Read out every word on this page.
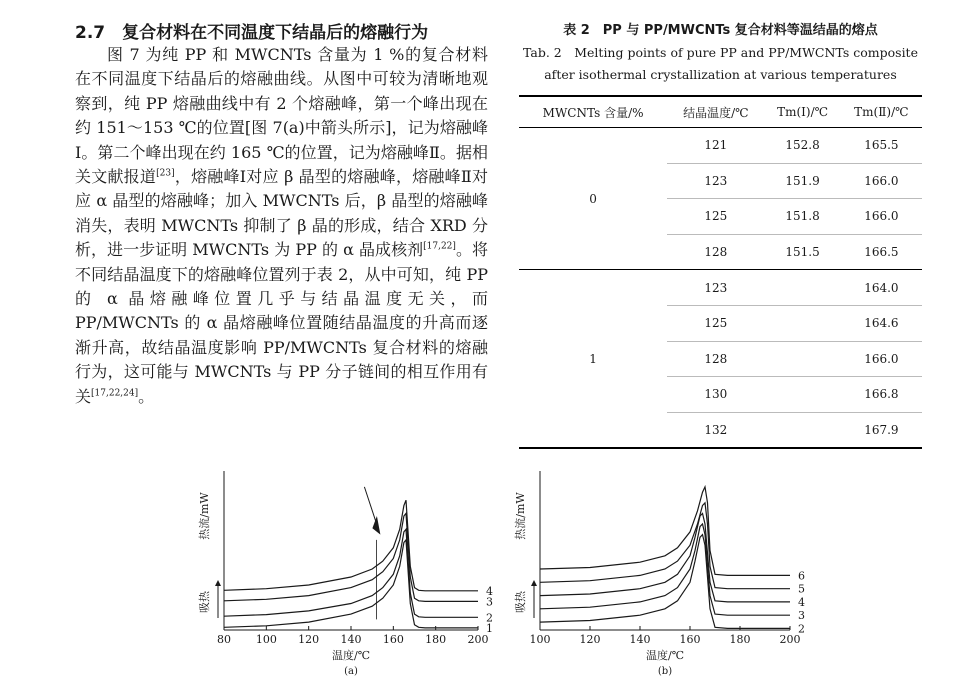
2.7　复合材料在不同温度下结晶后的熔融行为
图 7 为纯 PP 和 MWCNTs 含量为 1 %的复合材料在不同温度下结晶后的熔融曲线。从图中可较为清晰地观察到，纯 PP 熔融曲线中有 2 个熔融峰，第一个峰出现在约 151～153 ℃的位置[图 7(a)中箭头所示]，记为熔融峰Ⅰ。第二个峰出现在约 165 ℃的位置，记为熔融峰Ⅱ。据相关文献报道[23]，熔融峰Ⅰ对应 β 晶型的熔融峰，熔融峰Ⅱ对应 α 晶型的熔融峰；加入 MWCNTs 后，β 晶型的熔融峰消失，表明 MWCNTs 抑制了 β 晶的形成，结合 XRD 分析，进一步证明 MWCNTs 为 PP 的 α 晶成核剂[17,22]。将不同结晶温度下的熔融峰位置列于表 2，从中可知，纯 PP 的 α 晶熔融峰位置几乎与结晶温度无关，而 PP/MWCNTs 的 α 晶熔融峰位置随结晶温度的升高而逐渐升高，故结晶温度影响 PP/MWCNTs 复合材料的熔融行为，这可能与 MWCNTs 与 PP 分子链间的相互作用有关[17,22,24]。
表 2　PP 与 PP/MWCNTs 复合材料等温结晶的熔点
Tab. 2　Melting points of pure PP and PP/MWCNTs composite
after isothermal crystallization at various temperatures
MWCNTs 含量/%	结晶温度/℃	Tm(Ⅰ)/℃	Tm(Ⅱ)/℃
0	121	152.8	165.5
	123	151.9	166.0
	125	151.8	166.0
	128	151.5	166.5
1	123		164.0
	125		164.6
	128		166.0
	130		166.8
	132		167.9
80 100 120 140 160 180 200
温度/℃
(a)
热流/mW
吸热
1
2
3
4
100	120	140	160	180	200
温度/℃
(b)
热流/mW
吸热
2
3
4
5
6
